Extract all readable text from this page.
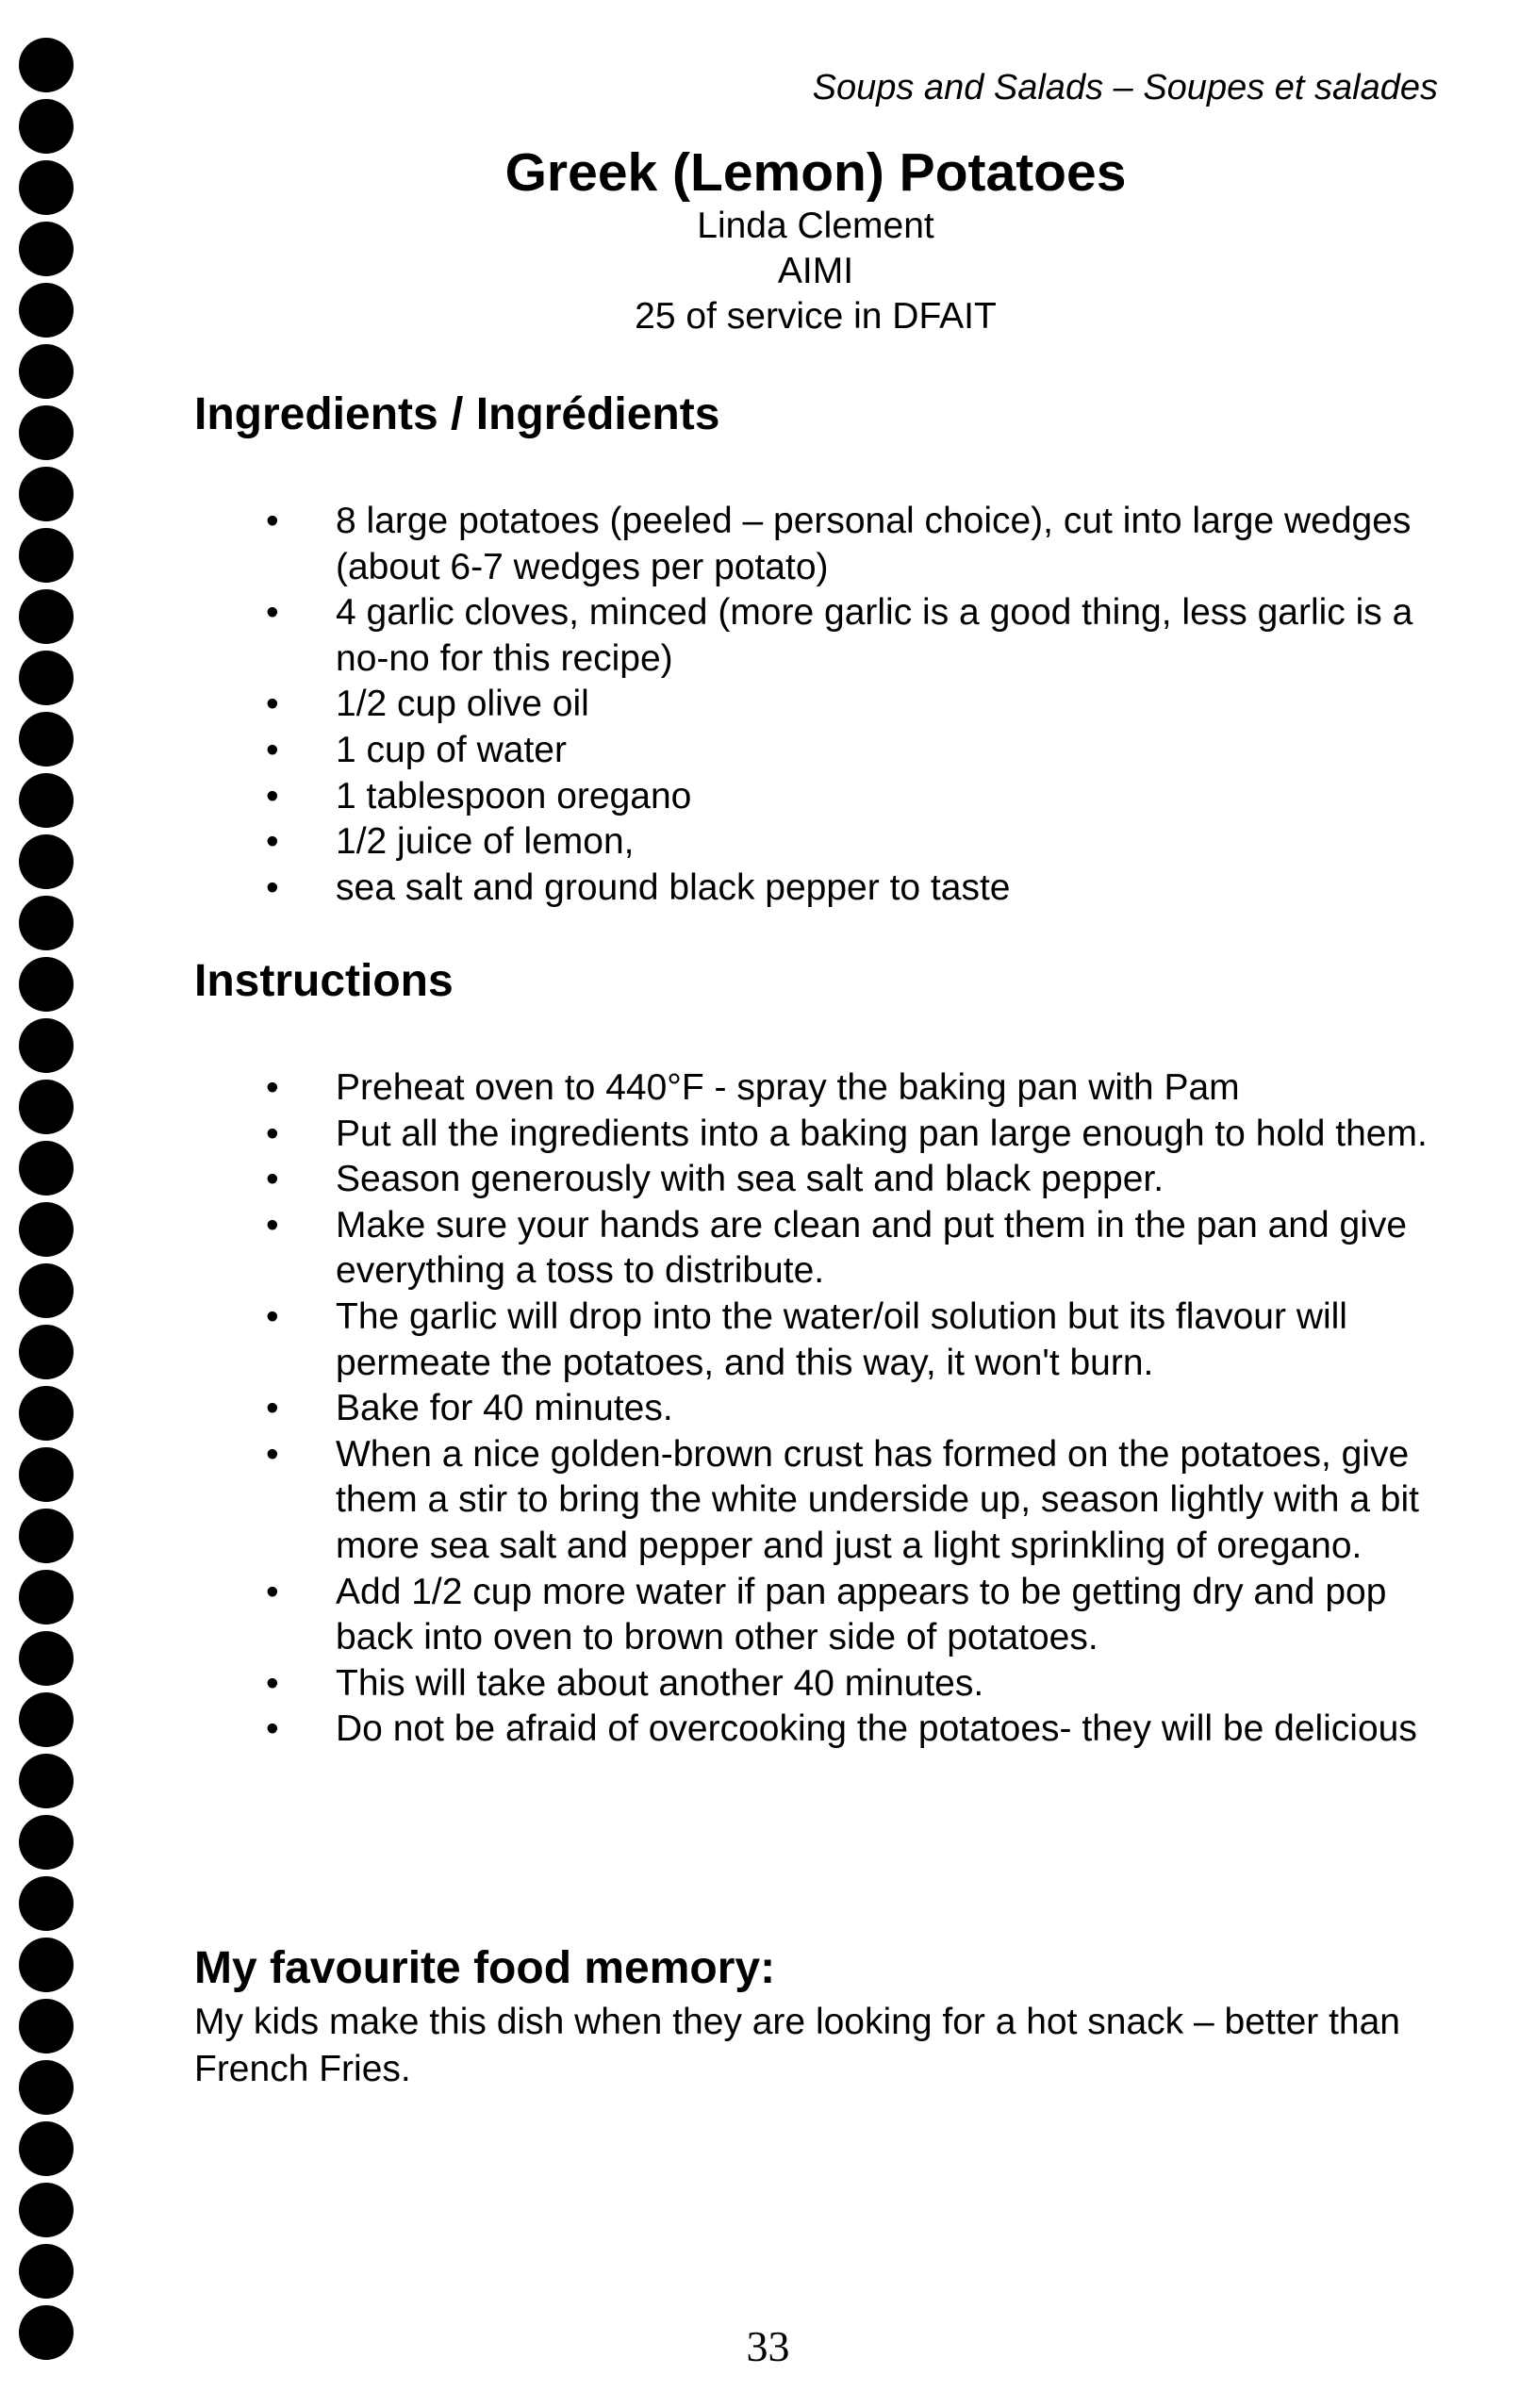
Soups and Salads – Soupes et salades
Greek (Lemon) Potatoes
Linda Clement
AIMI
25 of service in DFAIT
Ingredients / Ingrédients
• 8 large potatoes (peeled – personal choice), cut into large wedges (about 6-7 wedges per potato)
• 4 garlic cloves, minced (more garlic is a good thing, less garlic is a no-no for this recipe)
• 1/2 cup olive oil
• 1 cup of water
• 1 tablespoon oregano
• 1/2 juice of lemon,
• sea salt and ground black pepper to taste
Instructions
• Preheat oven to 440°F - spray the baking pan with Pam
• Put all the ingredients into a baking pan large enough to hold them.
• Season generously with sea salt and black pepper.
• Make sure your hands are clean and put them in the pan and give everything a toss to distribute.
• The garlic will drop into the water/oil solution but its flavour will permeate the potatoes, and this way, it won't burn.
• Bake for 40 minutes.
• When a nice golden-brown crust has formed on the potatoes, give them a stir to bring the white underside up, season lightly with a bit more sea salt and pepper and just a light sprinkling of oregano.
• Add 1/2 cup more water if pan appears to be getting dry and pop back into oven to brown other side of potatoes.
• This will take about another 40 minutes.
• Do not be afraid of overcooking the potatoes- they will be delicious
My favourite food memory:
My kids make this dish when they are looking for a hot snack – better than French Fries.
33
